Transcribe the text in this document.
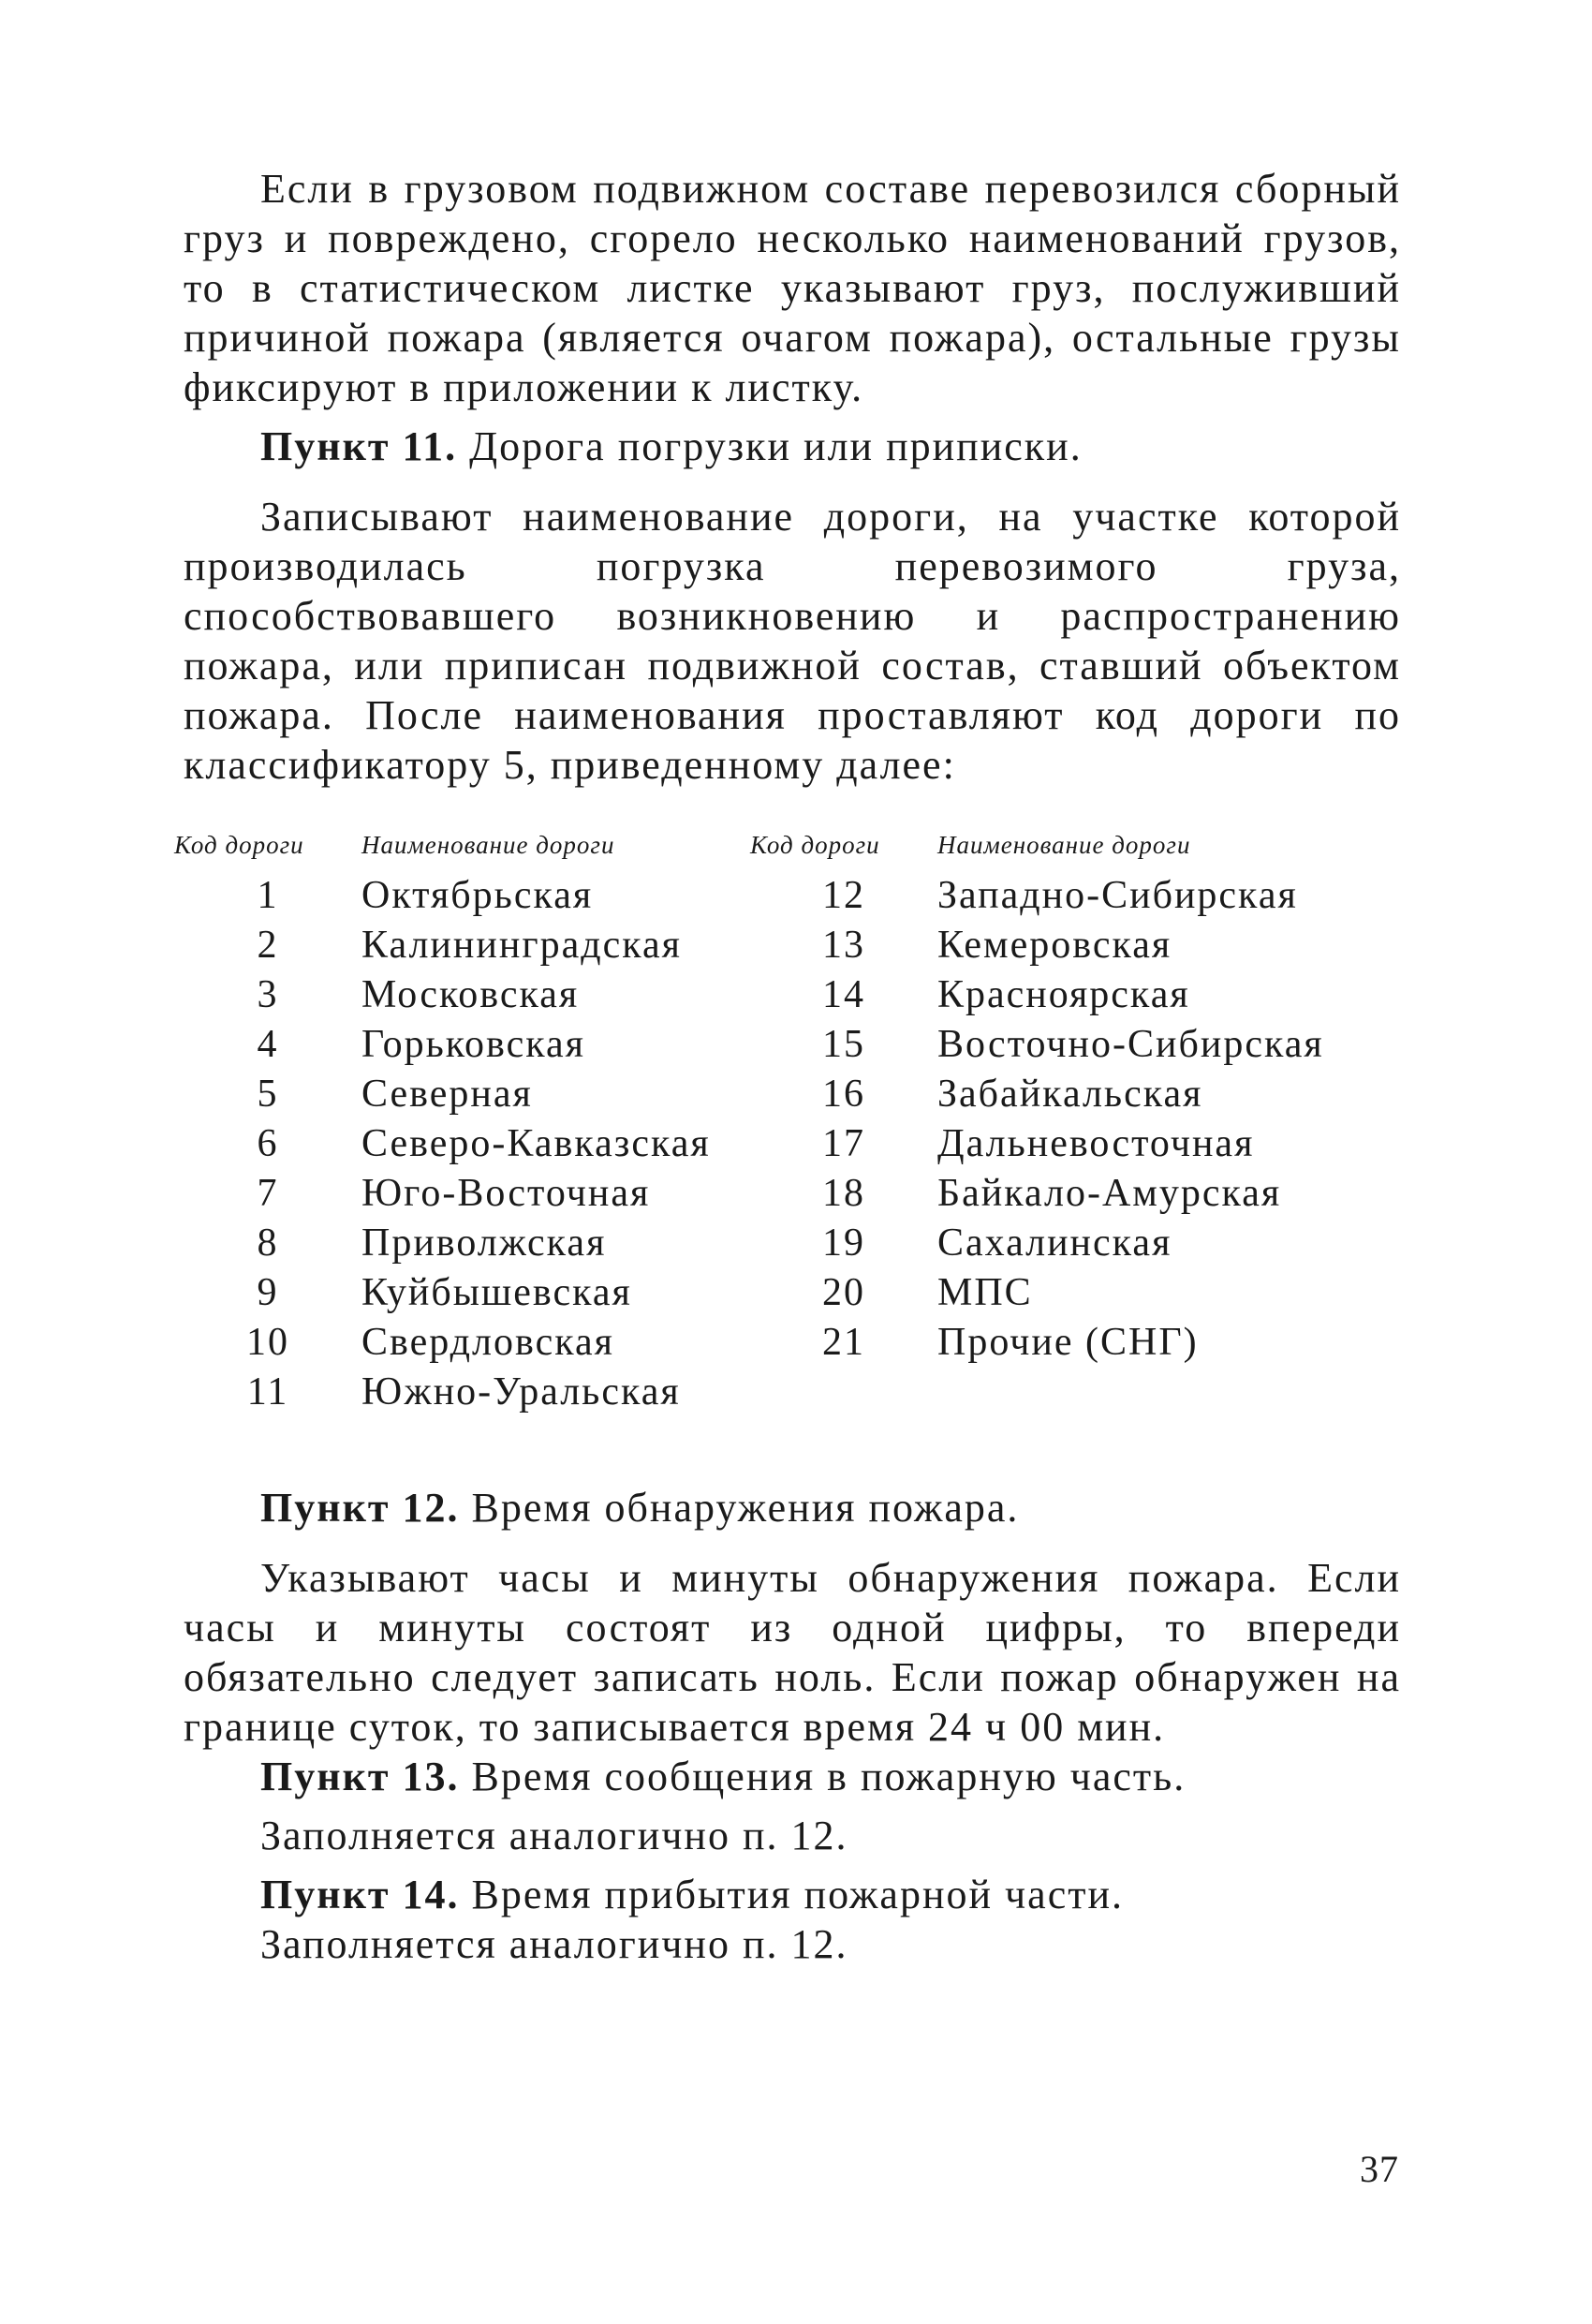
Если в грузовом подвижном составе перевозился сборный груз и повреждено, сгорело несколько наименований грузов, то в статистическом листке указывают груз, послуживший причиной пожара (является очагом пожара), остальные грузы фиксируют в приложении к листку.

Пункт 11. Дорога погрузки или приписки.

Записывают наименование дороги, на участке которой производилась погрузка перевозимого груза, способствовавшего возникновению и распространению пожара, или приписан подвижной состав, ставший объектом пожара. После наименования проставляют код дороги по классификатору 5, приведенному далее:

Код дороги	Наименование дороги	Код дороги	Наименование дороги
1	Октябрьская	12	Западно-Сибирская
2	Калининградская	13	Кемеровская
3	Московская	14	Красноярская
4	Горьковская	15	Восточно-Сибирская
5	Северная	16	Забайкальская
6	Северо-Кавказская	17	Дальневосточная
7	Юго-Восточная	18	Байкало-Амурская
8	Приволжская	19	Сахалинская
9	Куйбышевская	20	МПС
10	Свердловская	21	Прочие (СНГ)
11	Южно-Уральская		

Пункт 12. Время обнаружения пожара.

Указывают часы и минуты обнаружения пожара. Если часы и минуты состоят из одной цифры, то впереди обязательно следует записать ноль. Если пожар обнаружен на границе суток, то записывается время 24 ч 00 мин.

Пункт 13. Время сообщения в пожарную часть.

Заполняется аналогично п. 12.

Пункт 14. Время прибытия пожарной части.

Заполняется аналогично п. 12.

37
